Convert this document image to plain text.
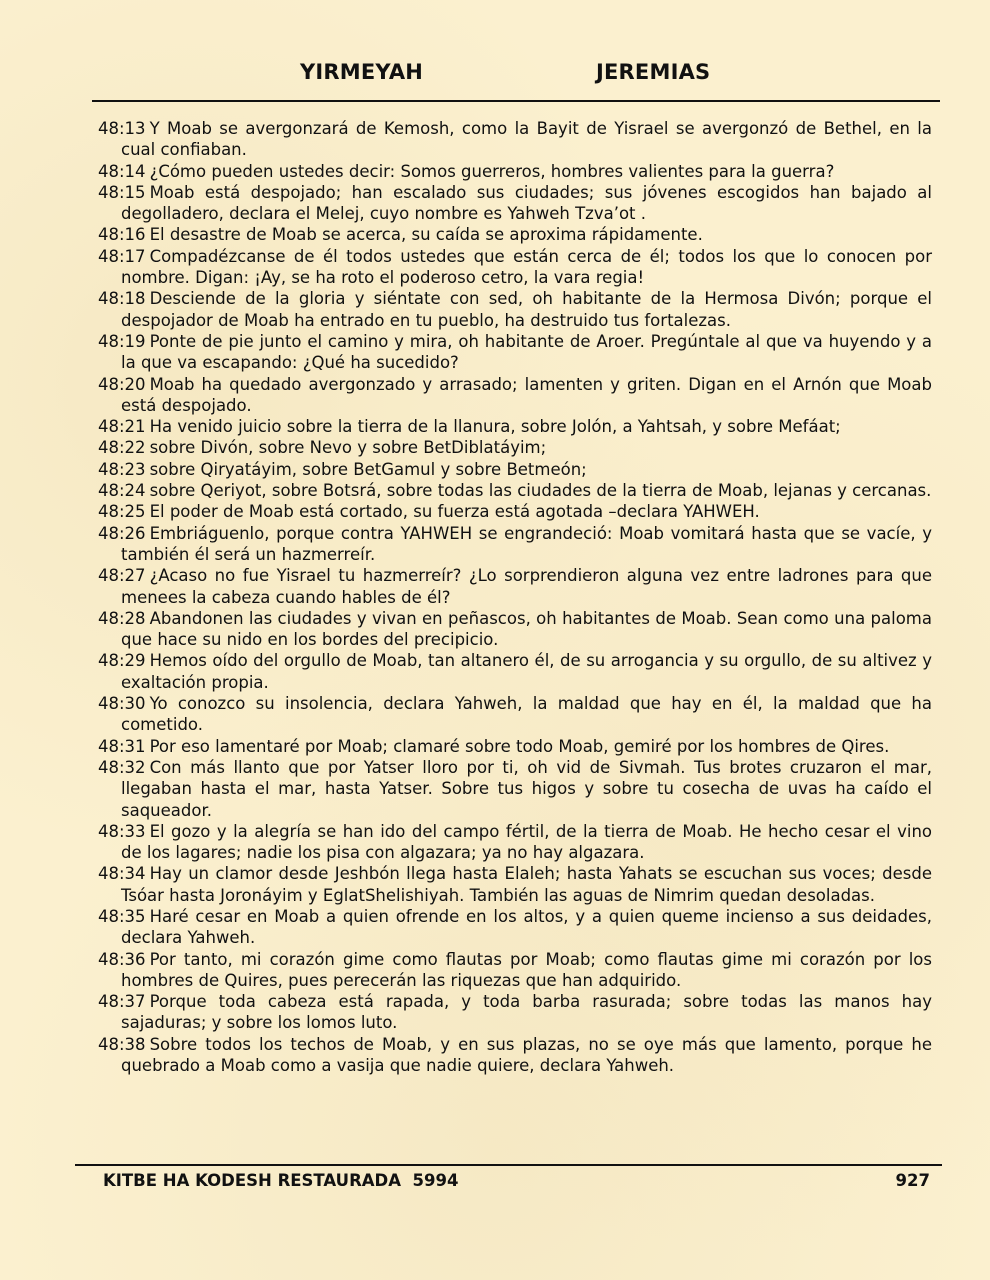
YIRMEYAH	JEREMIAS
48:13 Y Moab se avergonzará de Kemosh, como la Bayit de Yisrael se avergonzó de Bethel, en la cual confiaban.
48:14 ¿Cómo pueden ustedes decir: Somos guerreros, hombres valientes para la guerra?
48:15 Moab está despojado; han escalado sus ciudades; sus jóvenes escogidos han bajado al degolladero, declara el Melej, cuyo nombre es Yahweh Tzva’ot .
48:16 El desastre de Moab se acerca, su caída se aproxima rápidamente.
48:17 Compadézcanse de él todos ustedes que están cerca de él; todos los que lo conocen por nombre. Digan: ¡Ay, se ha roto el poderoso cetro, la vara regia!
48:18 Desciende de la gloria y siéntate con sed, oh habitante de la Hermosa Divón; porque el despojador de Moab ha entrado en tu pueblo, ha destruido tus fortalezas.
48:19 Ponte de pie junto el camino y mira, oh habitante de Aroer. Pregúntale al que va huyendo y a la que va escapando: ¿Qué ha sucedido?
48:20 Moab ha quedado avergonzado y arrasado; lamenten y griten. Digan en el Arnón que Moab está despojado.
48:21 Ha venido juicio sobre la tierra de la llanura, sobre Jolón, a Yahtsah, y sobre Mefáat;
48:22 sobre Divón, sobre Nevo y sobre BetDiblatáyim;
48:23 sobre Qiryatáyim, sobre BetGamul y sobre Betmeón;
48:24 sobre Qeriyot, sobre Botsrá, sobre todas las ciudades de la tierra de Moab, lejanas y cercanas.
48:25 El poder de Moab está cortado, su fuerza está agotada –declara YAHWEH.
48:26 Embriáguenlo, porque contra YAHWEH se engrandeció: Moab vomitará hasta que se vacíe, y también él será un hazmerreír.
48:27 ¿Acaso no fue Yisrael tu hazmerreír? ¿Lo sorprendieron alguna vez entre ladrones para que menees la cabeza cuando hables de él?
48:28 Abandonen las ciudades y vivan en peñascos, oh habitantes de Moab. Sean como una paloma que hace su nido en los bordes del precipicio.
48:29 Hemos oído del orgullo de Moab, tan altanero él, de su arrogancia y su orgullo, de su altivez y exaltación propia.
48:30 Yo conozco su insolencia, declara Yahweh, la maldad que hay en él, la maldad que ha cometido.
48:31 Por eso lamentaré por Moab; clamaré sobre todo Moab, gemiré por los hombres de Qires.
48:32 Con más llanto que por Yatser lloro por ti, oh vid de Sivmah. Tus brotes cruzaron el mar, llegaban hasta el mar, hasta Yatser. Sobre tus higos y sobre tu cosecha de uvas ha caído el saqueador.
48:33 El gozo y la alegría se han ido del campo fértil, de la tierra de Moab. He hecho cesar el vino de los lagares; nadie los pisa con algazara; ya no hay algazara.
48:34 Hay un clamor desde Jeshbón llega hasta Elaleh; hasta Yahats se escuchan sus voces; desde Tsóar hasta Joronáyim y EglatShelishiyah. También las aguas de Nimrim quedan desoladas.
48:35 Haré cesar en Moab a quien ofrende en los altos, y a quien queme incienso a sus deidades, declara Yahweh.
48:36 Por tanto, mi corazón gime como flautas por Moab; como flautas gime mi corazón por los hombres de Quires, pues perecerán las riquezas que han adquirido.
48:37 Porque toda cabeza está rapada, y toda barba rasurada; sobre todas las manos hay sajaduras; y sobre los lomos luto.
48:38 Sobre todos los techos de Moab, y en sus plazas, no se oye más que lamento, porque he quebrado a Moab como a vasija que nadie quiere, declara Yahweh.
KITBE HA KODESH RESTAURADA  5994	927
